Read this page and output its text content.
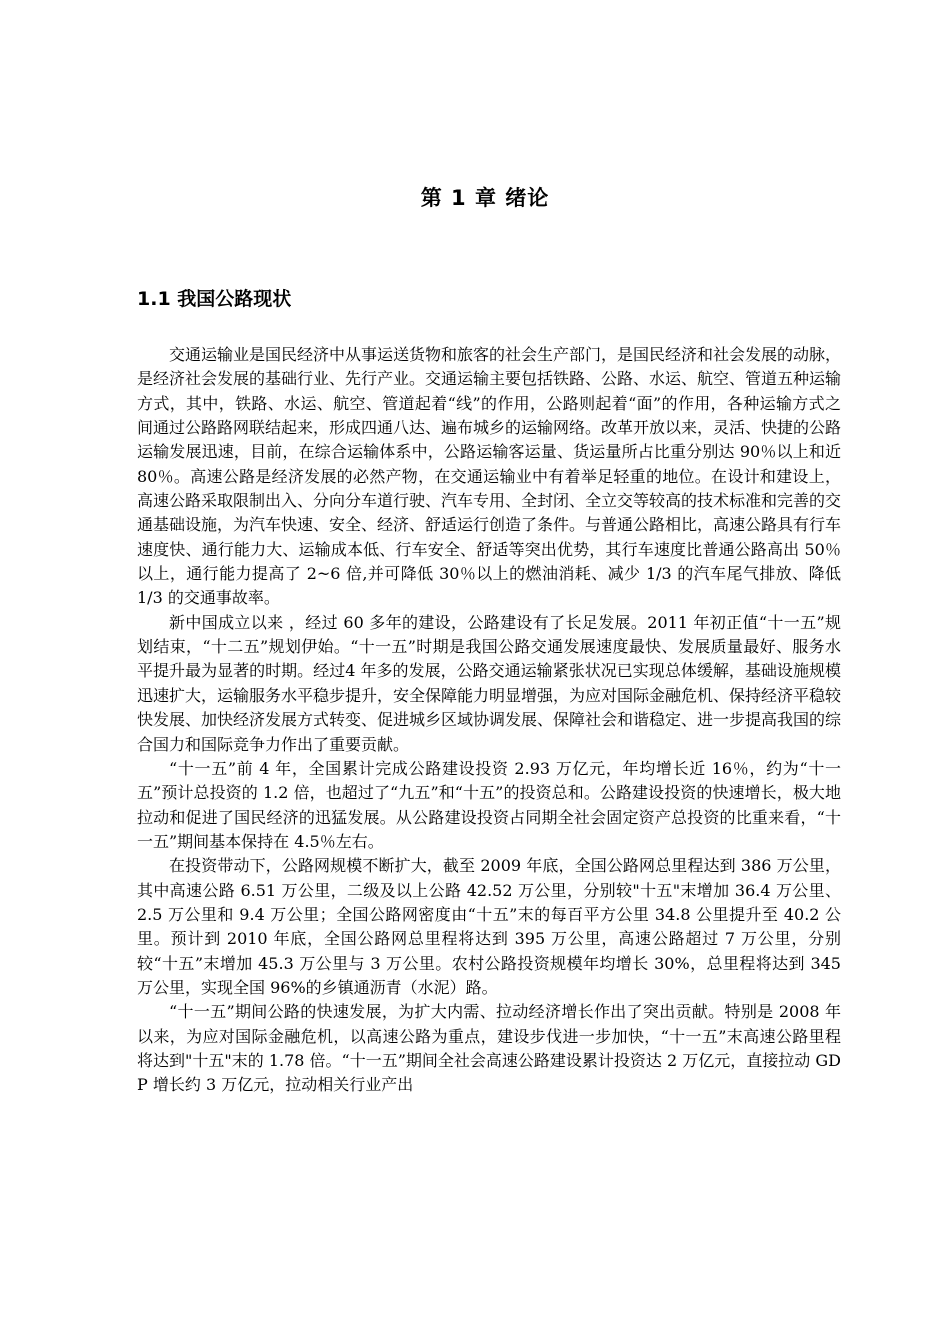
第 1 章 绪论
1.1 我国公路现状

交通运输业是国民经济中从事运送货物和旅客的社会生产部门，是国民经济和社会发展的动脉，是经济社会发展的基础行业、先行产业。交通运输主要包括铁路、公路、水运、航空、管道五种运输方式，其中，铁路、水运、航空、管道起着“线”的作用，公路则起着“面”的作用，各种运输方式之间通过公路路网联结起来，形成四通八达、遍布城乡的运输网络。改革开放以来，灵活、快捷的公路运输发展迅速，目前，在综合运输体系中，公路运输客运量、货运量所占比重分别达 90％以上和近 80％。高速公路是经济发展的必然产物，在交通运输业中有着举足轻重的地位。在设计和建设上，高速公路采取限制出入、分向分车道行驶、汽车专用、全封闭、全立交等较高的技术标准和完善的交通基础设施，为汽车快速、安全、经济、舒适运行创造了条件。与普通公路相比，高速公路具有行车速度快、通行能力大、运输成本低、行车安全、舒适等突出优势，其行车速度比普通公路高出 50％以上，通行能力提高了 2~6 倍,并可降低 30％以上的燃油消耗、减少 1/3 的汽车尾气排放、降低 1/3 的交通事故率。

新中国成立以来 ，经过 60 多年的建设，公路建设有了长足发展。2011 年初正值“十一五”规划结束，“十二五”规划伊始。“十一五”时期是我国公路交通发展速度最快、发展质量最好、服务水平提升最为显著的时期。经过4 年多的发展，公路交通运输紧张状况已实现总体缓解，基础设施规模迅速扩大，运输服务水平稳步提升，安全保障能力明显增强，为应对国际金融危机、保持经济平稳较快发展、加快经济发展方式转变、促进城乡区域协调发展、保障社会和谐稳定、进一步提高我国的综合国力和国际竞争力作出了重要贡献。

“十一五”前 4 年，全国累计完成公路建设投资 2.93 万亿元，年均增长近 16％，约为“十一五”预计总投资的 1.2 倍，也超过了“九五”和“十五”的投资总和。公路建设投资的快速增长，极大地拉动和促进了国民经济的迅猛发展。从公路建设投资占同期全社会固定资产总投资的比重来看，“十一五”期间基本保持在 4.5％左右。

在投资带动下，公路网规模不断扩大，截至 2009 年底，全国公路网总里程达到 386 万公里，其中高速公路 6.51 万公里，二级及以上公路 42.52 万公里，分别较"十五"末增加 36.4 万公里、2.5 万公里和 9.4 万公里；全国公路网密度由“十五”末的每百平方公里 34.8 公里提升至 40.2 公里。预计到 2010 年底，全国公路网总里程将达到 395 万公里，高速公路超过 7 万公里，分别较“十五”末增加 45.3 万公里与 3 万公里。农村公路投资规模年均增长 30%，总里程将达到 345 万公里，实现全国 96%的乡镇通沥青（水泥）路。

“十一五”期间公路的快速发展，为扩大内需、拉动经济增长作出了突出贡献。特别是 2008 年以来，为应对国际金融危机，以高速公路为重点，建设步伐进一步加快，“十一五”末高速公路里程将达到"十五"末的 1.78 倍。“十一五”期间全社会高速公路建设累计投资达 2 万亿元，直接拉动 GDP 增长约 3 万亿元，拉动相关行业产出
